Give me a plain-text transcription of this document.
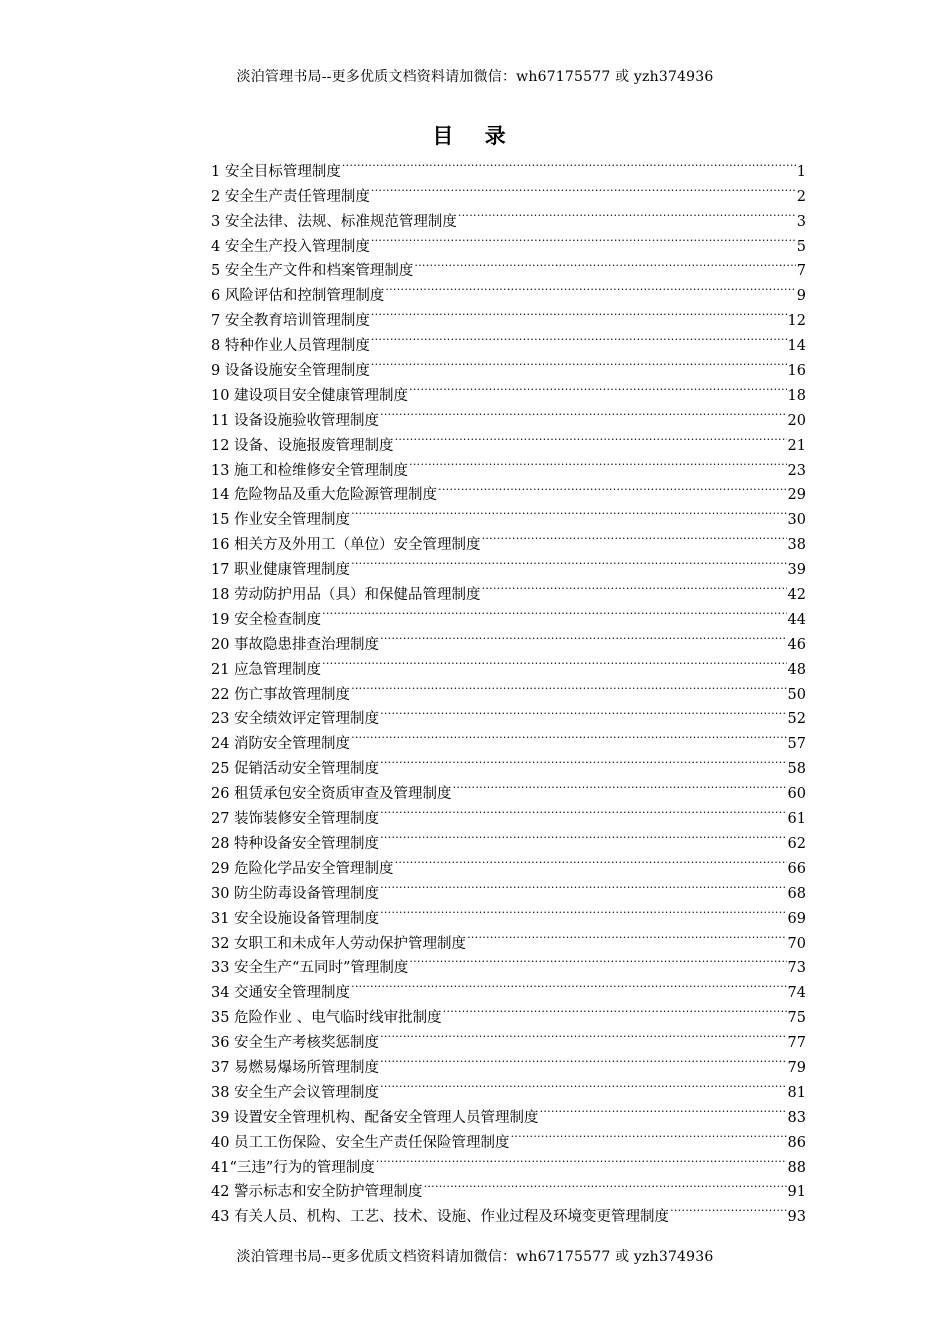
淡泊管理书局--更多优质文档资料请加微信：wh67175577 或 yzh374936
目 录
1 安全目标管理制度 .....	1
2 安全生产责任管理制度 .....	2
3 安全法律、法规、标准规范管理制度 .....	3
4 安全生产投入管理制度 .....	5
5 安全生产文件和档案管理制度 .....	7
6 风险评估和控制管理制度 .....	9
7 安全教育培训管理制度 .....	12
8 特种作业人员管理制度 .....	14
9 设备设施安全管理制度 .....	16
10 建设项目安全健康管理制度 .....	18
11 设备设施验收管理制度 .....	20
12 设备、设施报废管理制度 .....	21
13 施工和检维修安全管理制度 .....	23
14 危险物品及重大危险源管理制度 .....	29
15 作业安全管理制度 .....	30
16 相关方及外用工（单位）安全管理制度 .....	38
17 职业健康管理制度 .....	39
18 劳动防护用品（具）和保健品管理制度 .....	42
19 安全检查制度 .....	44
20 事故隐患排查治理制度 .....	46
21 应急管理制度 .....	48
22 伤亡事故管理制度 .....	50
23 安全绩效评定管理制度 .....	52
24 消防安全管理制度 .....	57
25 促销活动安全管理制度 .....	58
26 租赁承包安全资质审查及管理制度 .....	60
27 装饰装修安全管理制度 .....	61
28 特种设备安全管理制度 .....	62
29 危险化学品安全管理制度 .....	66
30 防尘防毒设备管理制度 .....	68
31 安全设施设备管理制度 .....	69
32 女职工和未成年人劳动保护管理制度 .....	70
33 安全生产“五同时”管理制度 .....	73
34 交通安全管理制度 .....	74
35 危险作业 、电气临时线审批制度 .....	75
36 安全生产考核奖惩制度 .....	77
37 易燃易爆场所管理制度 .....	79
38 安全生产会议管理制度 .....	81
39 设置安全管理机构、配备安全管理人员管理制度 .....	83
40 员工工伤保险、安全生产责任保险管理制度 .....	86
41“三违”行为的管理制度 .....	88
42 警示标志和安全防护管理制度 .....	91
43 有关人员、机构、工艺、技术、设施、作业过程及环境变更管理制度 .....	93
淡泊管理书局--更多优质文档资料请加微信：wh67175577 或 yzh374936
